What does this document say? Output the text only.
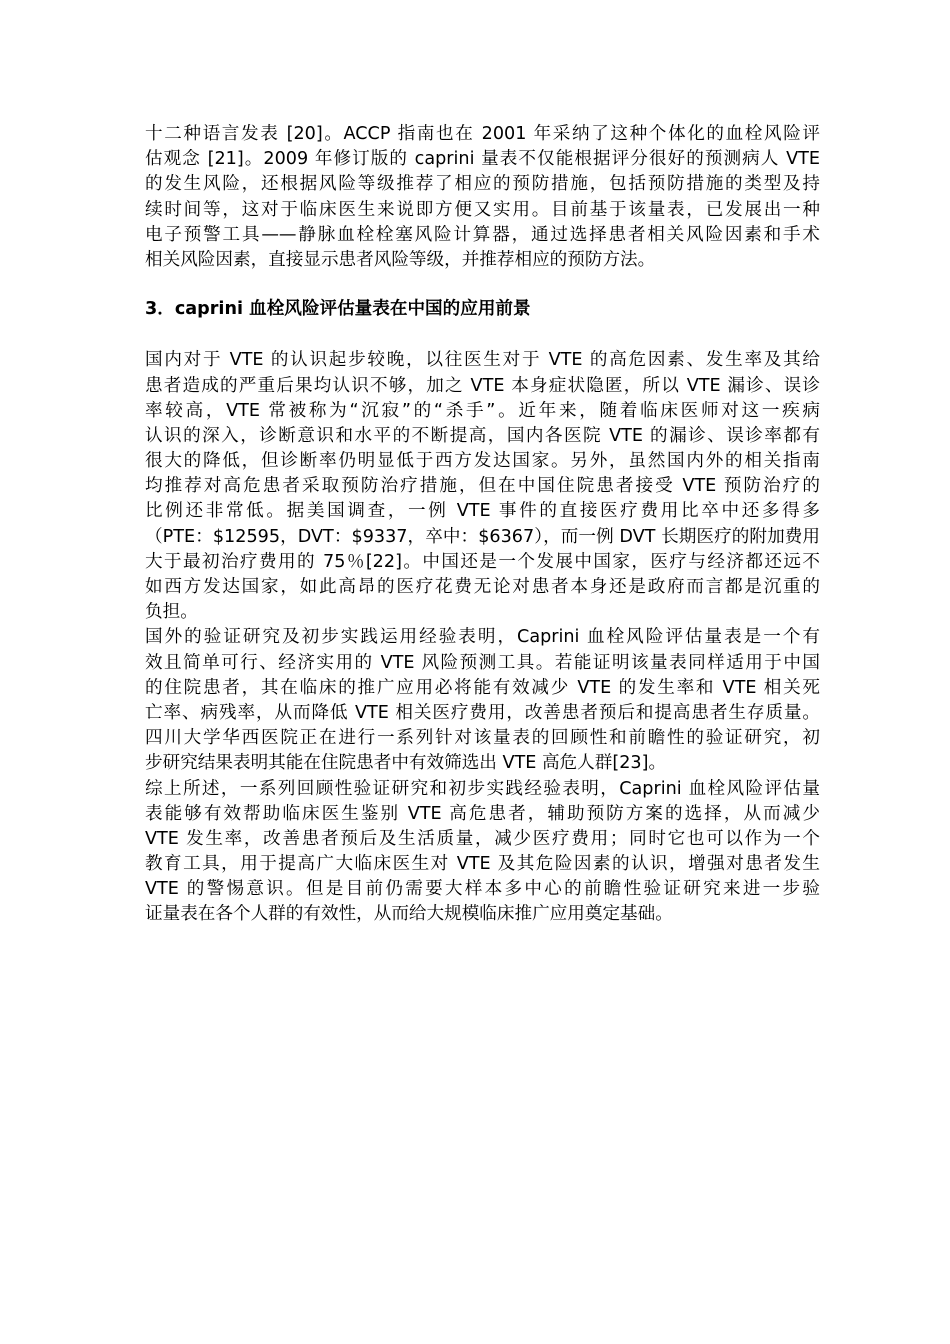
十二种语言发表 [20]。ACCP 指南也在 2001 年采纳了这种个体化的血栓风险评
估观念 [21]。2009 年修订版的 caprini 量表不仅能根据评分很好的预测病人 VTE
的发生风险，还根据风险等级推荐了相应的预防措施，包括预防措施的类型及持
续时间等，这对于临床医生来说即方便又实用。目前基于该量表，已发展出一种
电子预警工具——静脉血栓栓塞风险计算器，通过选择患者相关风险因素和手术
相关风险因素，直接显示患者风险等级，并推荐相应的预防方法。
3．caprini 血栓风险评估量表在中国的应用前景
国内对于 VTE 的认识起步较晚，以往医生对于 VTE 的高危因素、发生率及其给
患者造成的严重后果均认识不够，加之 VTE 本身症状隐匿，所以 VTE 漏诊、误诊
率较高，VTE 常被称为“沉寂”的“杀手”。近年来，随着临床医师对这一疾病
认识的深入，诊断意识和水平的不断提高，国内各医院 VTE 的漏诊、误诊率都有
很大的降低，但诊断率仍明显低于西方发达国家。另外，虽然国内外的相关指南
均推荐对高危患者采取预防治疗措施，但在中国住院患者接受 VTE 预防治疗的
比例还非常低。据美国调查，一例 VTE 事件的直接医疗费用比卒中还多得多
（PTE：$12595，DVT：$9337，卒中：$6367），而一例 DVT 长期医疗的附加费用
大于最初治疗费用的 75％[22]。中国还是一个发展中国家，医疗与经济都还远不
如西方发达国家，如此高昂的医疗花费无论对患者本身还是政府而言都是沉重的
负担。
国外的验证研究及初步实践运用经验表明，Caprini 血栓风险评估量表是一个有
效且简单可行、经济实用的 VTE 风险预测工具。若能证明该量表同样适用于中国
的住院患者，其在临床的推广应用必将能有效减少 VTE 的发生率和 VTE 相关死
亡率、病残率，从而降低 VTE 相关医疗费用，改善患者预后和提高患者生存质量。
四川大学华西医院正在进行一系列针对该量表的回顾性和前瞻性的验证研究，初
步研究结果表明其能在住院患者中有效筛选出 VTE 高危人群[23]。
综上所述，一系列回顾性验证研究和初步实践经验表明，Caprini 血栓风险评估量
表能够有效帮助临床医生鉴别 VTE 高危患者，辅助预防方案的选择，从而减少
VTE 发生率，改善患者预后及生活质量，减少医疗费用；同时它也可以作为一个
教育工具，用于提高广大临床医生对 VTE 及其危险因素的认识，增强对患者发生
VTE 的警惕意识。但是目前仍需要大样本多中心的前瞻性验证研究来进一步验
证量表在各个人群的有效性，从而给大规模临床推广应用奠定基础。
